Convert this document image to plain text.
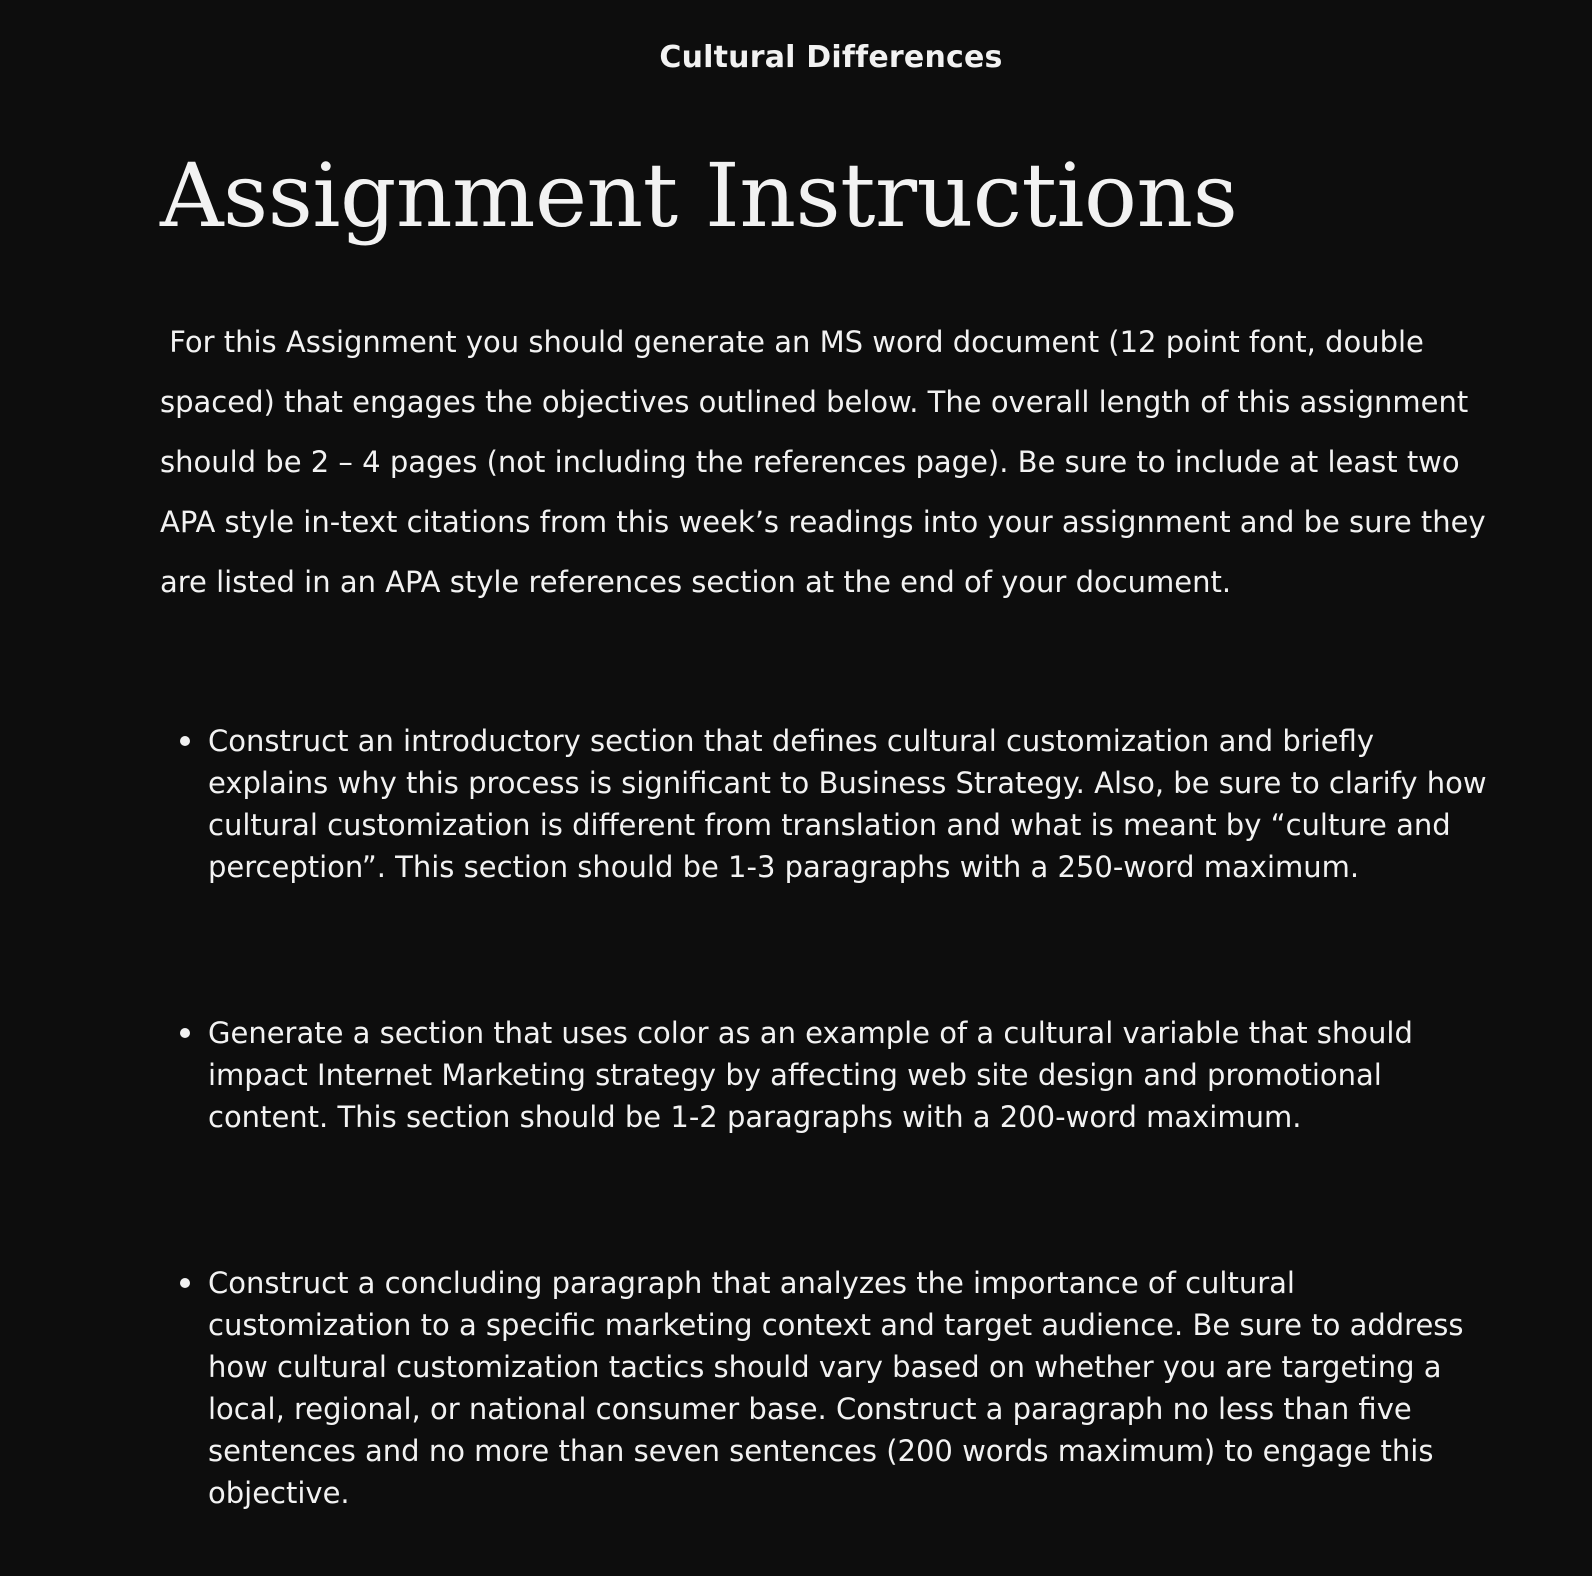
Cultural Differences
Assignment Instructions

For this Assignment you should generate an MS word document (12 point font, double spaced) that engages the objectives outlined below. The overall length of this assignment should be 2 – 4 pages (not including the references page). Be sure to include at least two APA style in-text citations from this week’s readings into your assignment and be sure they are listed in an APA style references section at the end of your document.

Construct an introductory section that defines cultural customization and briefly explains why this process is significant to Business Strategy. Also, be sure to clarify how cultural customization is different from translation and what is meant by “culture and perception”. This section should be 1-3 paragraphs with a 250-word maximum.
Generate a section that uses color as an example of a cultural variable that should impact Internet Marketing strategy by affecting web site design and promotional content. This section should be 1-2 paragraphs with a 200-word maximum.
Construct a concluding paragraph that analyzes the importance of cultural customization to a specific marketing context and target audience. Be sure to address how cultural customization tactics should vary based on whether you are targeting a local, regional, or national consumer base. Construct a paragraph no less than five sentences and no more than seven sentences (200 words maximum) to engage this objective.
